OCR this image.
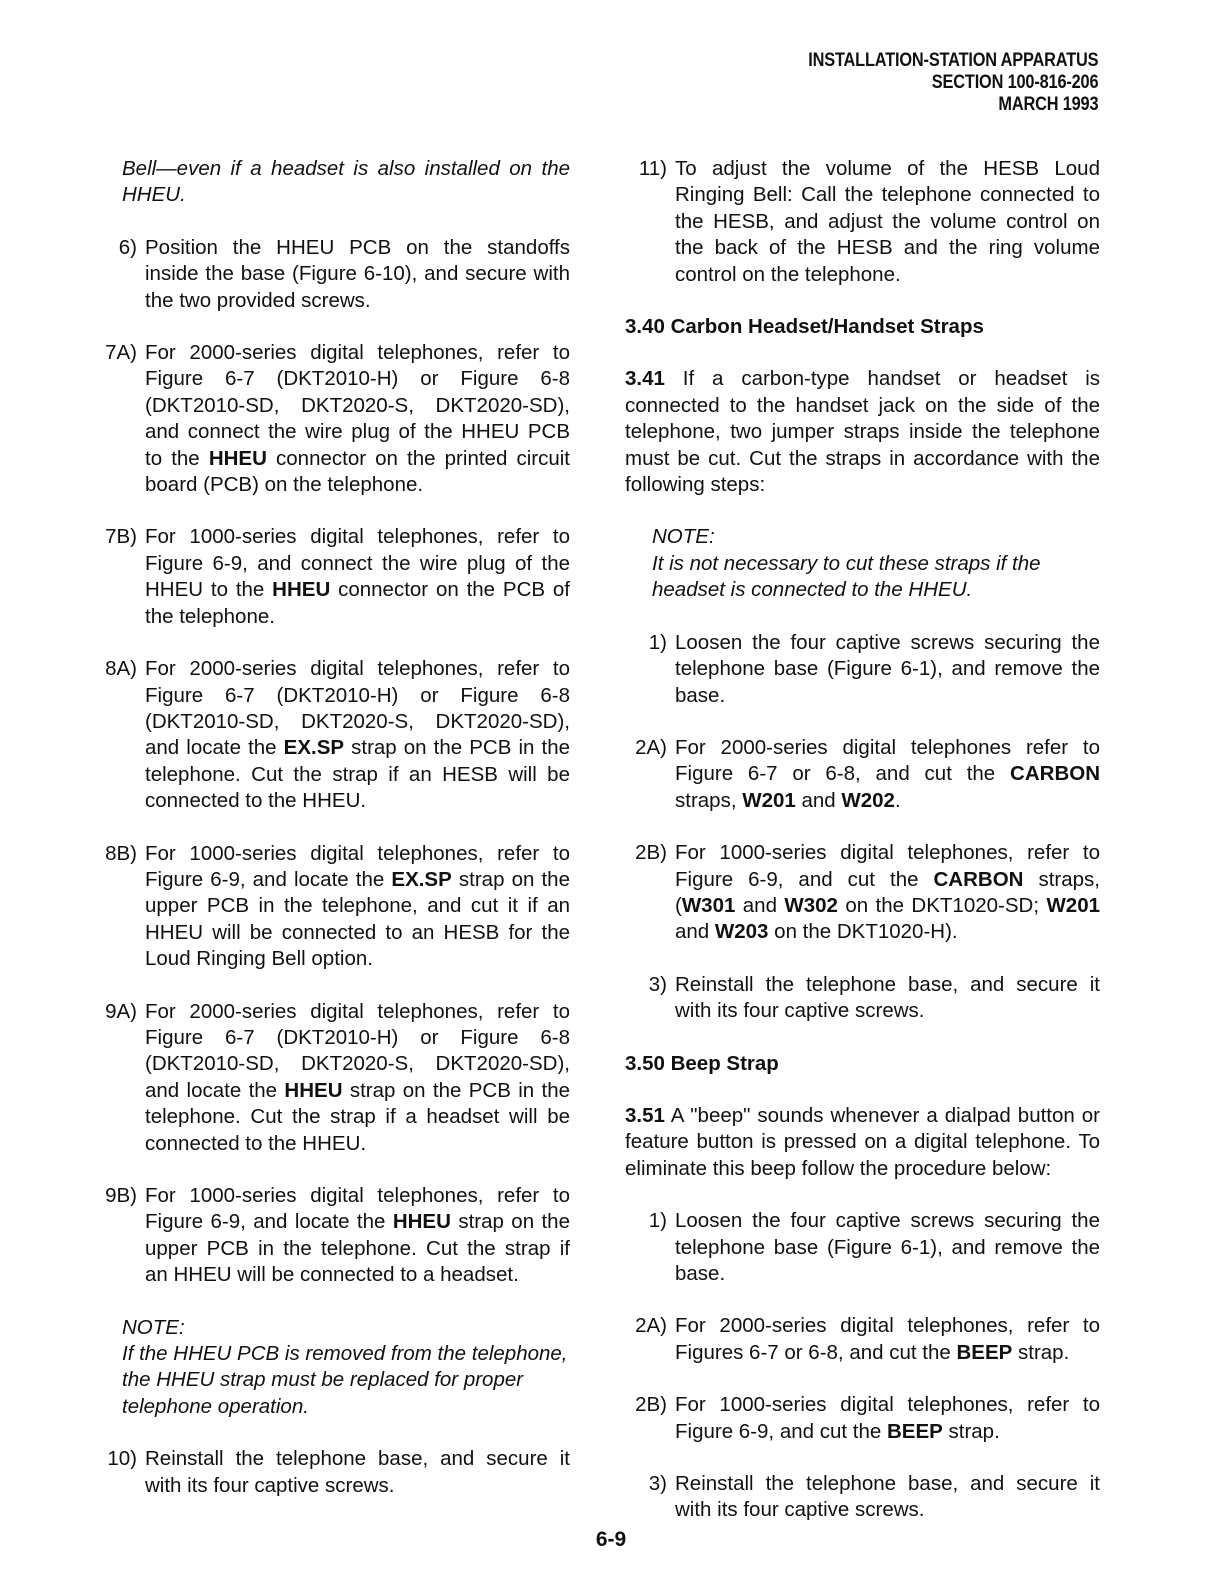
INSTALLATION-STATION APPARATUS
SECTION 100-816-206
MARCH 1993
Bell—even if a headset is also installed on the HHEU.
6) Position the HHEU PCB on the standoffs inside the base (Figure 6-10), and secure with the two provided screws.
7A) For 2000-series digital telephones, refer to Figure 6-7 (DKT2010-H) or Figure 6-8 (DKT2010-SD, DKT2020-S, DKT2020-SD), and connect the wire plug of the HHEU PCB to the HHEU connector on the printed circuit board (PCB) on the telephone.
7B) For 1000-series digital telephones, refer to Figure 6-9, and connect the wire plug of the HHEU to the HHEU connector on the PCB of the telephone.
8A) For 2000-series digital telephones, refer to Figure 6-7 (DKT2010-H) or Figure 6-8 (DKT2010-SD, DKT2020-S, DKT2020-SD), and locate the EX.SP strap on the PCB in the telephone. Cut the strap if an HESB will be connected to the HHEU.
8B) For 1000-series digital telephones, refer to Figure 6-9, and locate the EX.SP strap on the upper PCB in the telephone, and cut it if an HHEU will be connected to an HESB for the Loud Ringing Bell option.
9A) For 2000-series digital telephones, refer to Figure 6-7 (DKT2010-H) or Figure 6-8 (DKT2010-SD, DKT2020-S, DKT2020-SD), and locate the HHEU strap on the PCB in the telephone. Cut the strap if a headset will be connected to the HHEU.
9B) For 1000-series digital telephones, refer to Figure 6-9, and locate the HHEU strap on the upper PCB in the telephone. Cut the strap if an HHEU will be connected to a headset.
NOTE:
If the HHEU PCB is removed from the telephone, the HHEU strap must be replaced for proper telephone operation.
10) Reinstall the telephone base, and secure it with its four captive screws.
11) To adjust the volume of the HESB Loud Ringing Bell: Call the telephone connected to the HESB, and adjust the volume control on the back of the HESB and the ring volume control on the telephone.
3.40 Carbon Headset/Handset Straps
3.41 If a carbon-type handset or headset is connected to the handset jack on the side of the telephone, two jumper straps inside the telephone must be cut. Cut the straps in accordance with the following steps:
NOTE:
It is not necessary to cut these straps if the headset is connected to the HHEU.
1) Loosen the four captive screws securing the telephone base (Figure 6-1), and remove the base.
2A) For 2000-series digital telephones refer to Figure 6-7 or 6-8, and cut the CARBON straps, W201 and W202.
2B) For 1000-series digital telephones, refer to Figure 6-9, and cut the CARBON straps, (W301 and W302 on the DKT1020-SD; W201 and W203 on the DKT1020-H).
3) Reinstall the telephone base, and secure it with its four captive screws.
3.50 Beep Strap
3.51 A "beep" sounds whenever a dialpad button or feature button is pressed on a digital telephone. To eliminate this beep follow the procedure below:
1) Loosen the four captive screws securing the telephone base (Figure 6-1), and remove the base.
2A) For 2000-series digital telephones, refer to Figures 6-7 or 6-8, and cut the BEEP strap.
2B) For 1000-series digital telephones, refer to Figure 6-9, and cut the BEEP strap.
3) Reinstall the telephone base, and secure it with its four captive screws.
6-9
